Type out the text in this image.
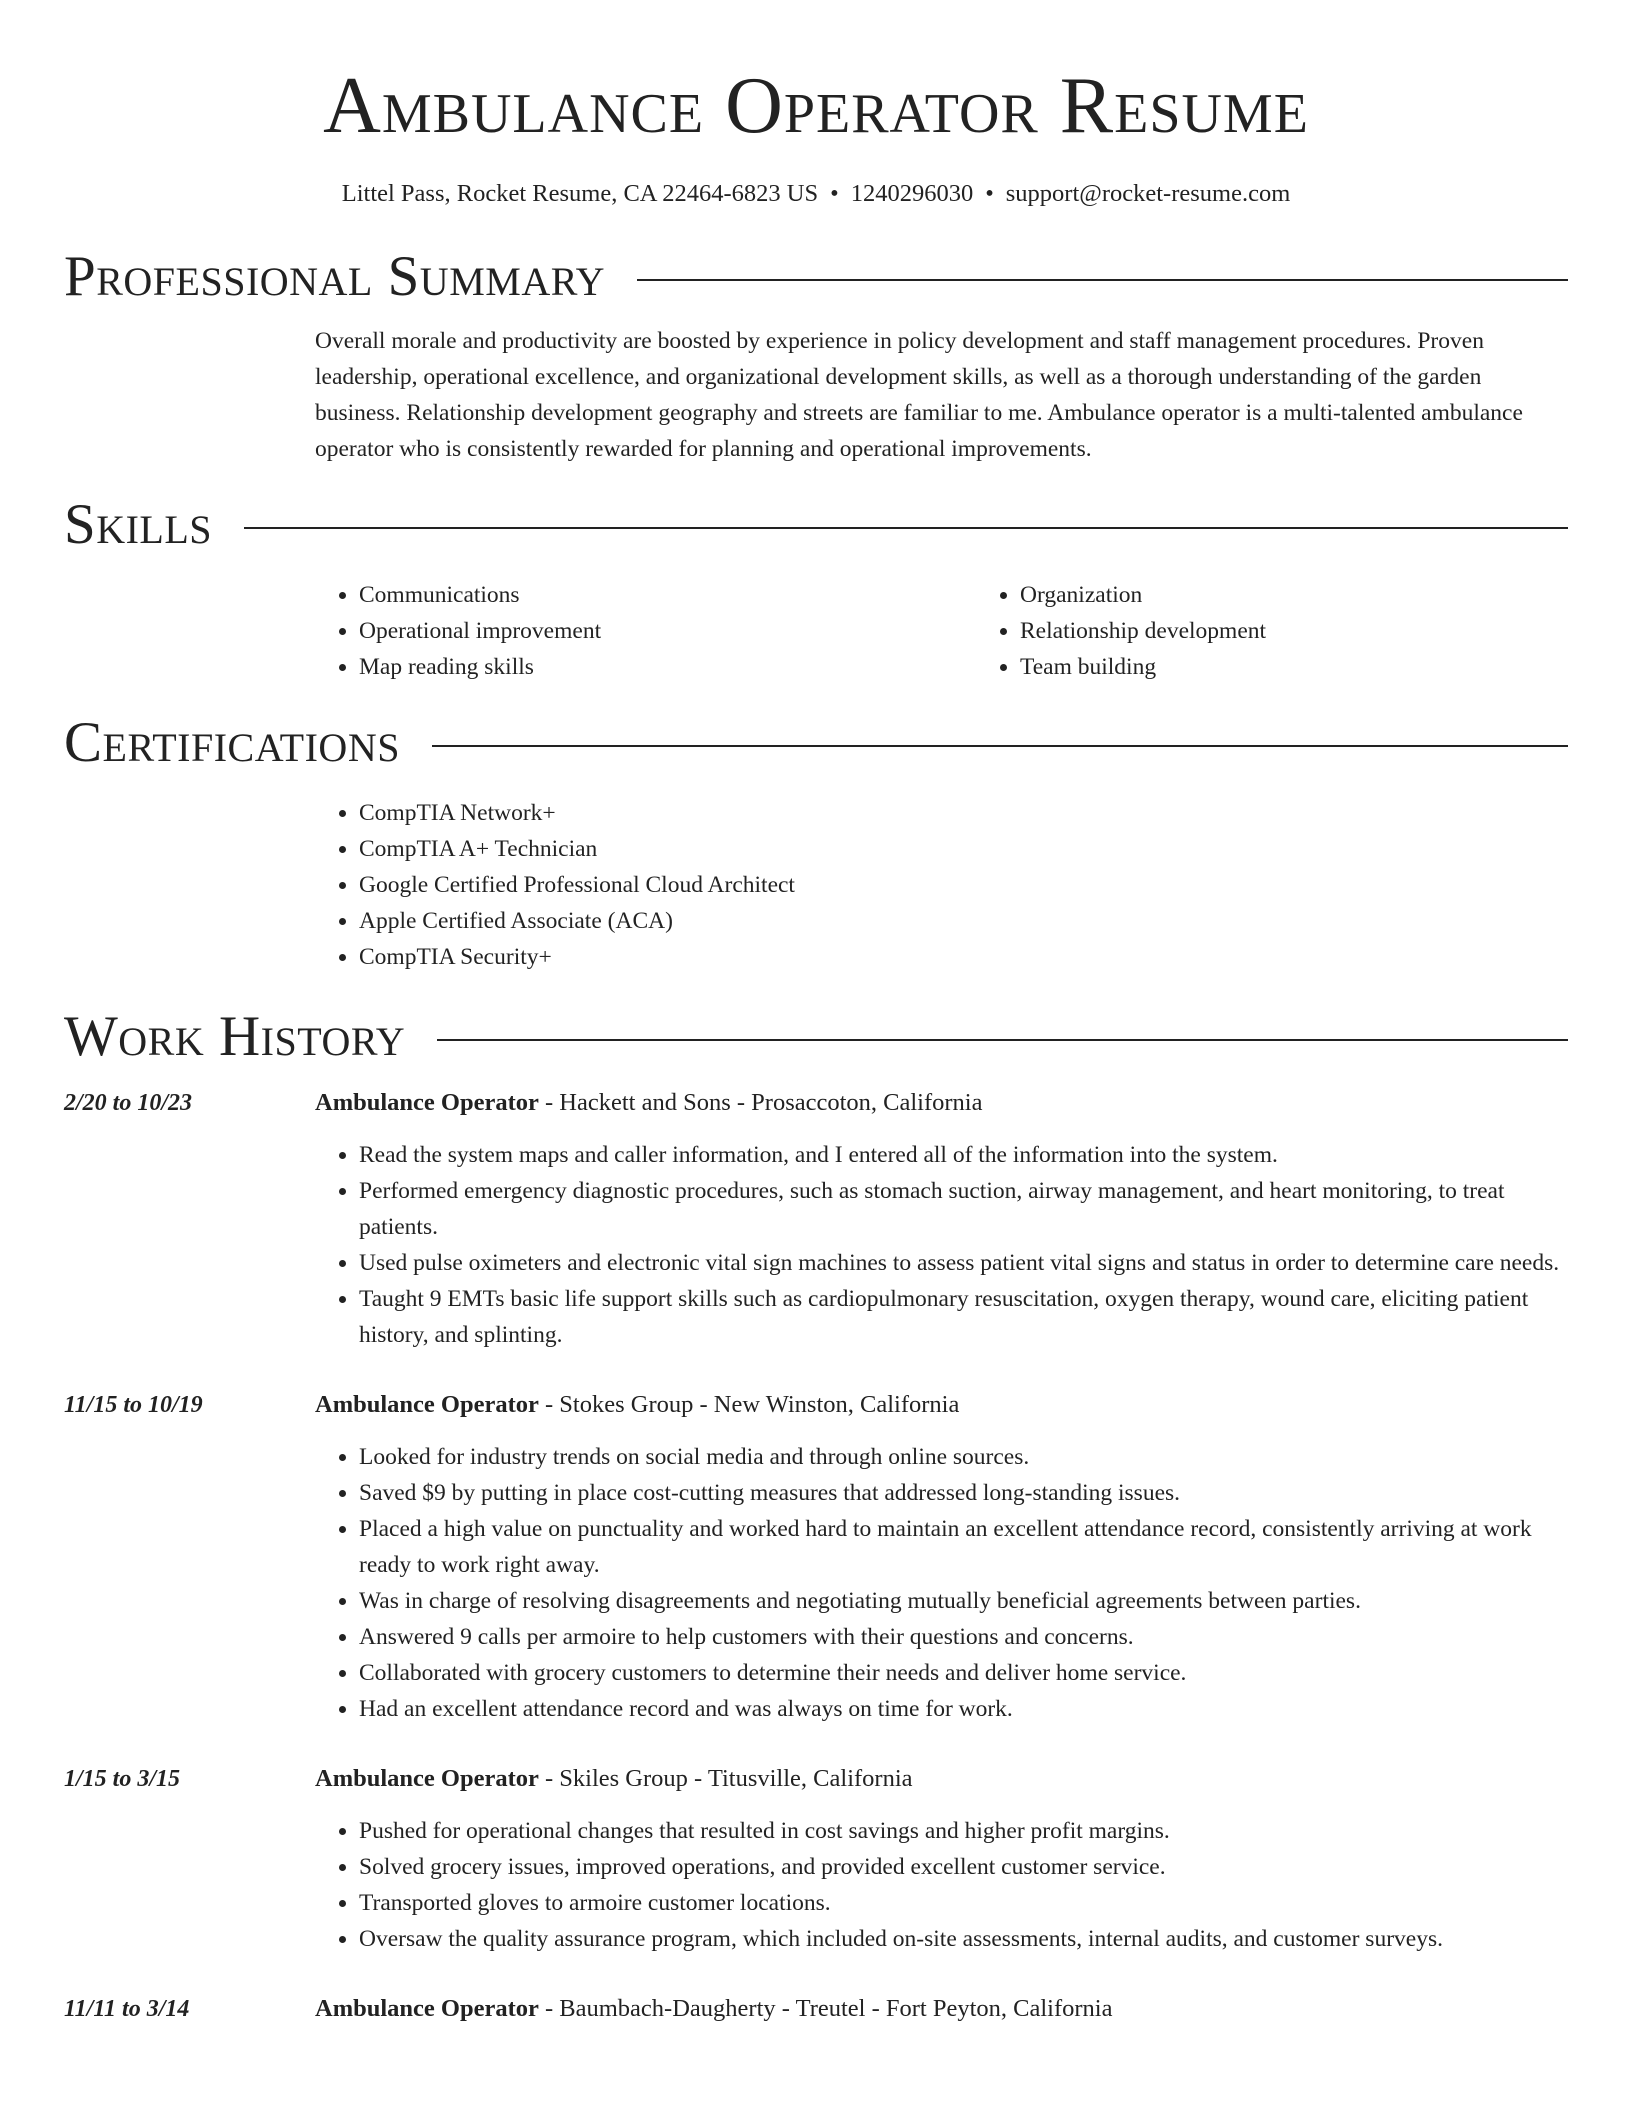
Ambulance Operator Resume
Littel Pass, Rocket Resume, CA 22464-6823 US • 1240296030 • support@rocket-resume.com
Professional Summary

Overall morale and productivity are boosted by experience in policy development and staff management procedures. Proven leadership, operational excellence, and organizational development skills, as well as a thorough understanding of the garden business. Relationship development geography and streets are familiar to me. Ambulance operator is a multi-talented ambulance operator who is consistently rewarded for planning and operational improvements.

Skills
• Communications
• Operational improvement
• Map reading skills
• Organization
• Relationship development
• Team building
Certifications
• CompTIA Network+
• CompTIA A+ Technician
• Google Certified Professional Cloud Architect
• Apple Certified Associate (ACA)
• CompTIA Security+
Work History
2/20 to 10/23	Ambulance Operator - Hackett and Sons - Prosaccoton, California
• Read the system maps and caller information, and I entered all of the information into the system.
• Performed emergency diagnostic procedures, such as stomach suction, airway management, and heart monitoring, to treat patients.
• Used pulse oximeters and electronic vital sign machines to assess patient vital signs and status in order to determine care needs.
• Taught 9 EMTs basic life support skills such as cardiopulmonary resuscitation, oxygen therapy, wound care, eliciting patient history, and splinting.
11/15 to 10/19	Ambulance Operator - Stokes Group - New Winston, California
• Looked for industry trends on social media and through online sources.
• Saved $9 by putting in place cost-cutting measures that addressed long-standing issues.
• Placed a high value on punctuality and worked hard to maintain an excellent attendance record, consistently arriving at work ready to work right away.
• Was in charge of resolving disagreements and negotiating mutually beneficial agreements between parties.
• Answered 9 calls per armoire to help customers with their questions and concerns.
• Collaborated with grocery customers to determine their needs and deliver home service.
• Had an excellent attendance record and was always on time for work.
1/15 to 3/15	Ambulance Operator - Skiles Group - Titusville, California
• Pushed for operational changes that resulted in cost savings and higher profit margins.
• Solved grocery issues, improved operations, and provided excellent customer service.
• Transported gloves to armoire customer locations.
• Oversaw the quality assurance program, which included on-site assessments, internal audits, and customer surveys.
11/11 to 3/14	Ambulance Operator - Baumbach-Daugherty - Treutel - Fort Peyton, California
